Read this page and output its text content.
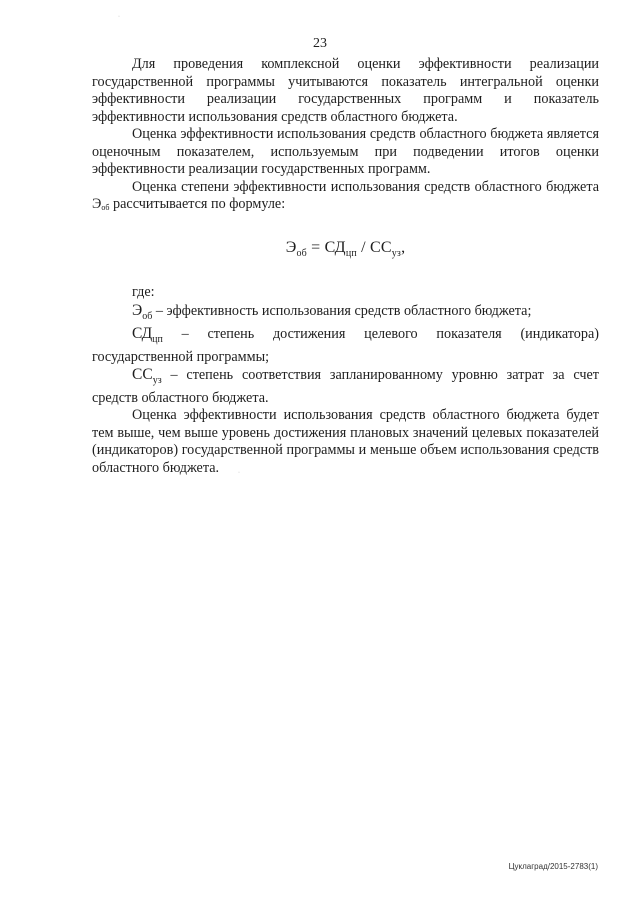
23

Для проведения комплексной оценки эффективности реализации государственной программы учитываются показатель интегральной оценки эффективности реализации государственных программ и показатель эффективности использования средств областного бюджета.

Оценка эффективности использования средств областного бюджета является оценочным показателем, используемым при подведении итогов оценки эффективности реализации государственных программ.

Оценка степени эффективности использования средств областного бюджета $Э_{об}$ рассчитывается по формуле:

$Э_{об} = СД_{цп} / СС_{уз}$,

где:

$Э_{об}$ – эффективность использования средств областного бюджета;

$СД_{цп}$ – степень достижения целевого показателя (индикатора) государственной программы;

$СС_{уз}$ – степень соответствия запланированному уровню затрат за счет средств областного бюджета.

Оценка эффективности использования средств областного бюджета будет тем выше, чем выше уровень достижения плановых значений целевых показателей (индикаторов) государственной программы и меньше объем использования средств областного бюджета.

·
·
Цуклаград/2015-2783(1)
